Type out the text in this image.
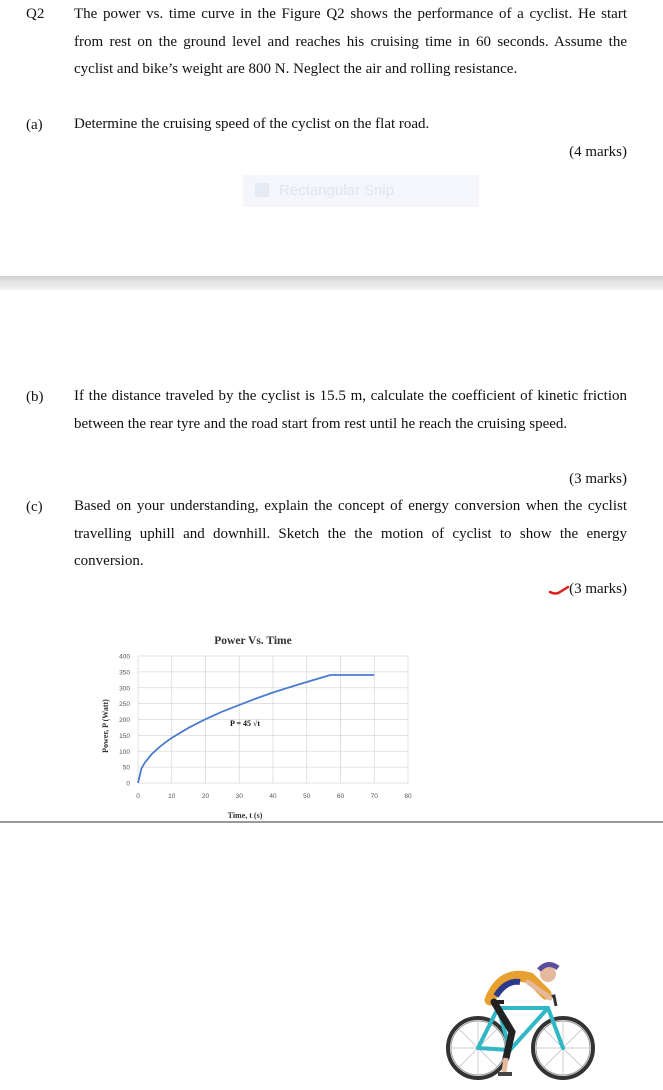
Q2 The power vs. time curve in the Figure Q2 shows the performance of a cyclist. He start from rest on the ground level and reaches his cruising time in 60 seconds. Assume the cyclist and bike’s weight are 800 N. Neglect the air and rolling resistance.
(a) Determine the cruising speed of the cyclist on the flat road.
(4 marks)
Rectangular Snip
(b) If the distance traveled by the cyclist is 15.5 m, calculate the coefficient of kinetic friction between the rear tyre and the road start from rest until he reach the cruising speed.
(3 marks)
(c) Based on your understanding, explain the concept of energy conversion when the cyclist travelling uphill and downhill. Sketch the the motion of cyclist to show the energy conversion.
(3 marks)
Power Vs. Time
0
50
100
150
200
250
300
350
400
0	10	20	30	40	50	60	70	80
Time, t (s)
Power, P (Watt)	P = 45 √t
